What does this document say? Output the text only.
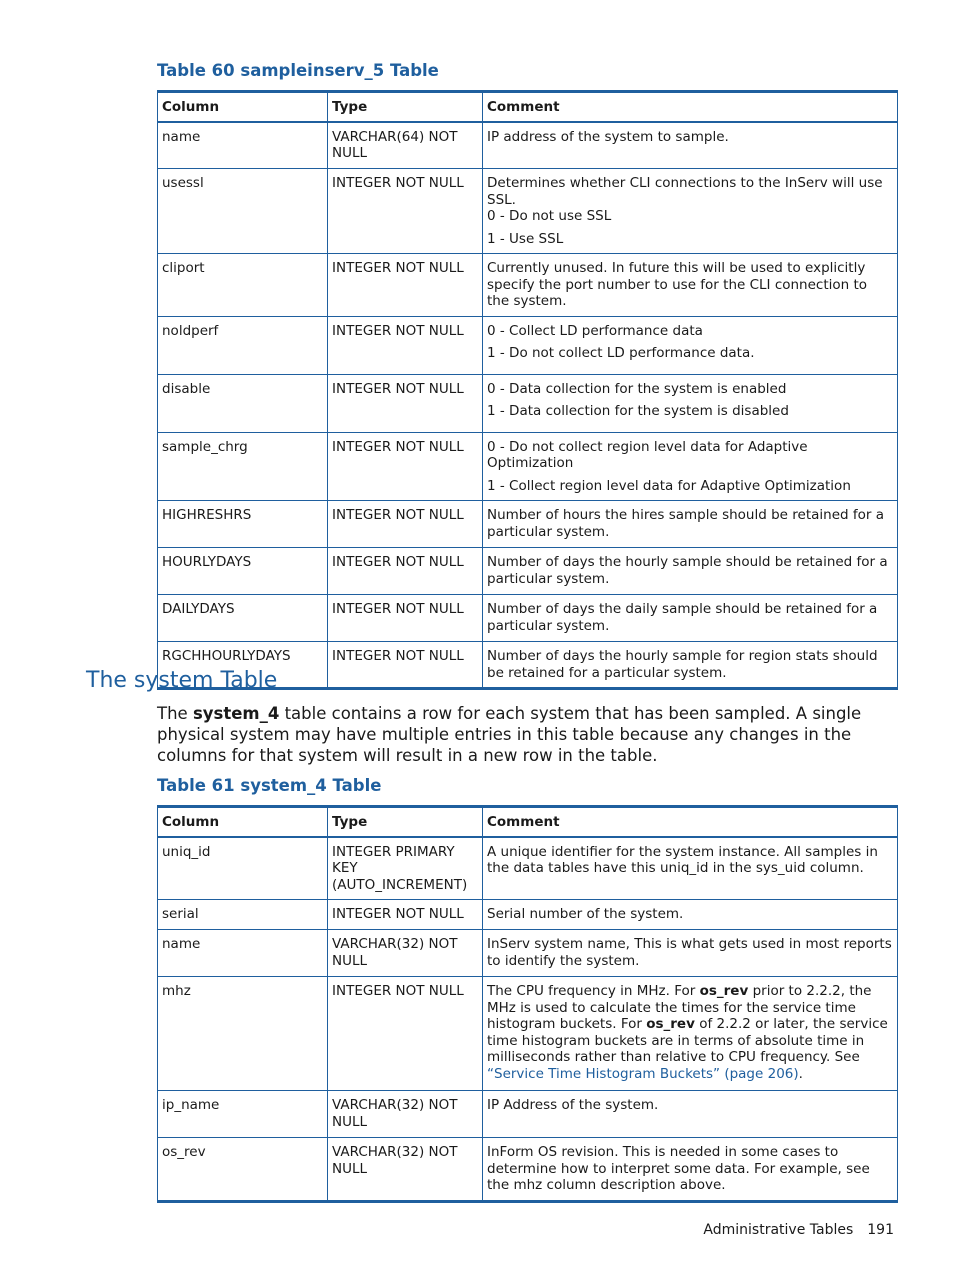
Table 60 sampleinserv_5 Table
Column	Type	Comment
name	VARCHAR(64) NOT NULL	IP address of the system to sample.

usessl	INTEGER NOT NULL	Determines whether CLI connections to the InServ will use SSL.

0 - Do not use SSL

1 - Use SSL

cliport	INTEGER NOT NULL	Currently unused. In future this will be used to explicitly specify the port number to use for the CLI connection to the system.

noldperf	INTEGER NOT NULL	0 - Collect LD performance data

1 - Do not collect LD performance data.

disable	INTEGER NOT NULL	0 - Data collection for the system is enabled

1 - Data collection for the system is disabled

sample_chrg	INTEGER NOT NULL	0 - Do not collect region level data for Adaptive Optimization

1 - Collect region level data for Adaptive Optimization

HIGHRESHRS	INTEGER NOT NULL	Number of hours the hires sample should be retained for a particular system.

HOURLYDAYS	INTEGER NOT NULL	Number of days the hourly sample should be retained for a particular system.

DAILYDAYS	INTEGER NOT NULL	Number of days the daily sample should be retained for a particular system.

RGCHHOURLYDAYS	INTEGER NOT NULL	Number of days the hourly sample for region stats should be retained for a particular system.

The system Table

The system_4 table contains a row for each system that has been sampled. A single physical system may have multiple entries in this table because any changes in the columns for that system will result in a new row in the table.

Table 61 system_4 Table
Column	Type	Comment
uniq_id	INTEGER PRIMARY KEY (AUTO_INCREMENT)	A unique identifier for the system instance. All samples in the data tables have this uniq_id in the sys_uid column.
serial	INTEGER NOT NULL	Serial number of the system.
name	VARCHAR(32) NOT NULL	InServ system name, This is what gets used in most reports to identify the system.
mhz	INTEGER NOT NULL	The CPU frequency in MHz. For os_rev prior to 2.2.2, the MHz is used to calculate the times for the service time histogram buckets. For os_rev of 2.2.2 or later, the service time histogram buckets are in terms of absolute time in milliseconds rather than relative to CPU frequency. See “Service Time Histogram Buckets” (page 206).
ip_name	VARCHAR(32) NOT NULL	IP Address of the system.
os_rev	VARCHAR(32) NOT NULL	InForm OS revision. This is needed in some cases to determine how to interpret some data. For example, see the mhz column description above.
Administrative Tables 191
